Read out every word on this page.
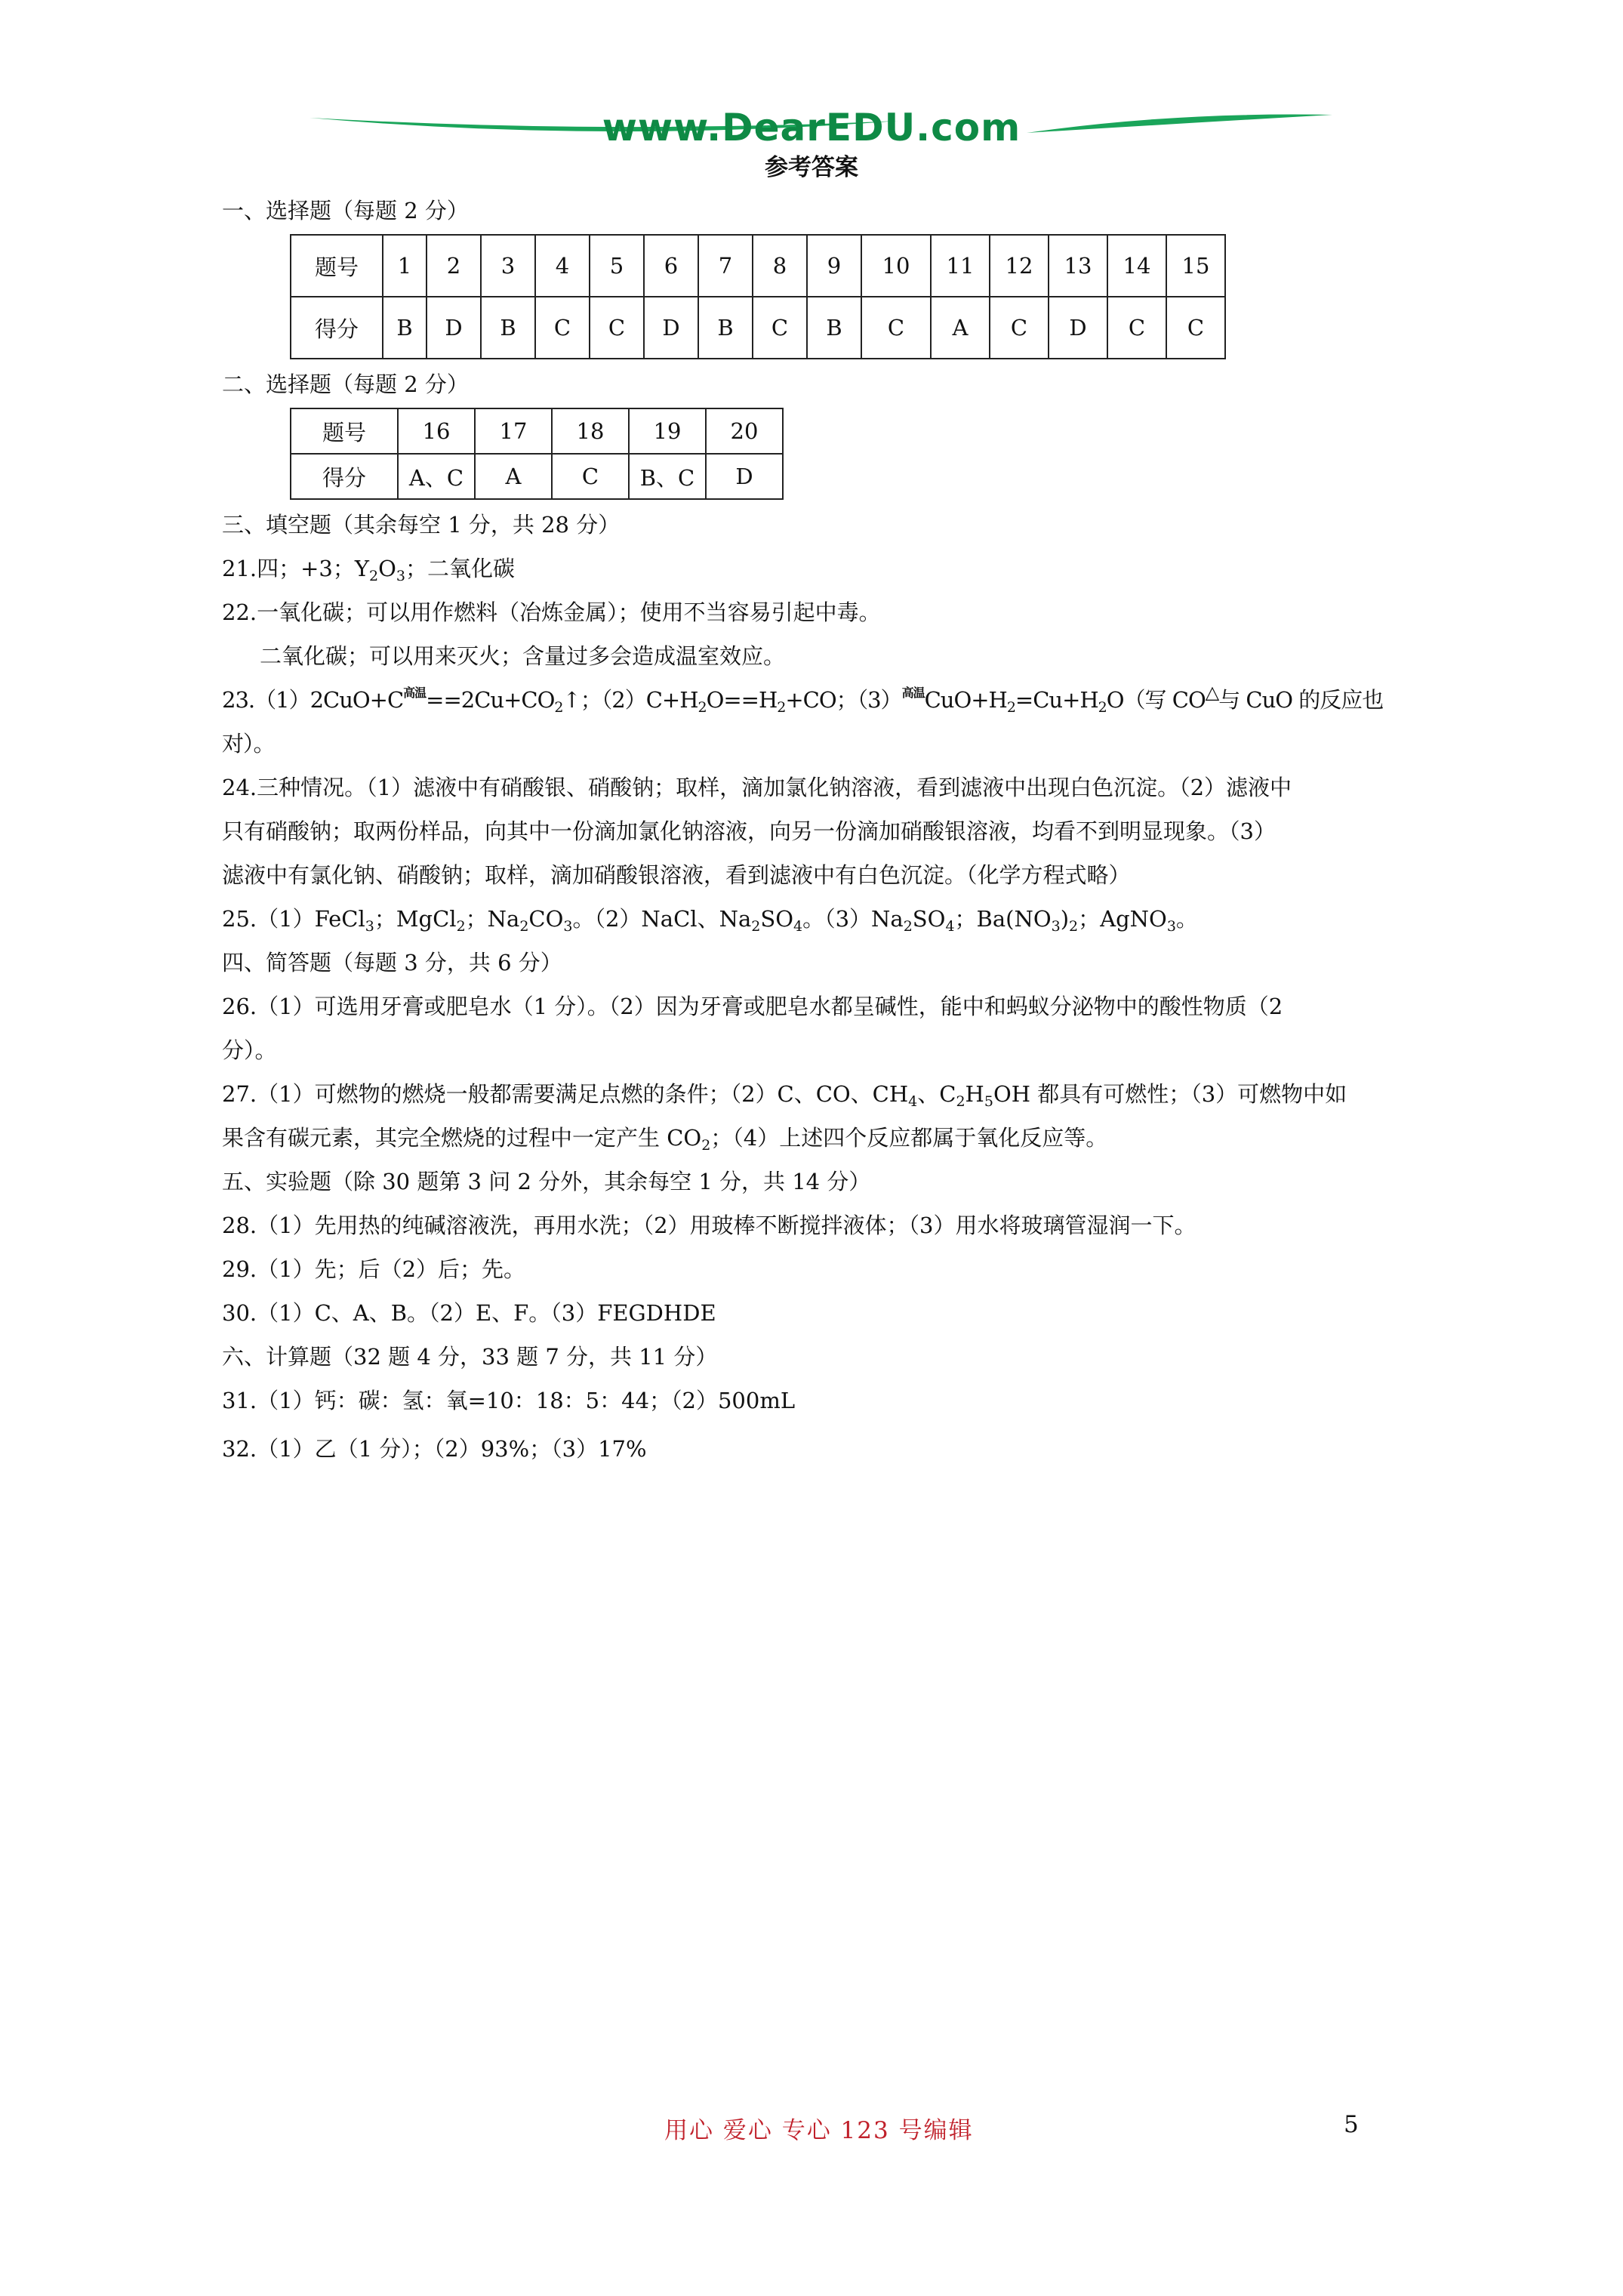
www.DearEDU.com
参考答案
一、选择题（每题 2 分）
题号	1	2	3	4	5	6	7	8	9	10	11	12	13	14	15
得分	B	D	B	C	C	D	B	C	B	C	A	C	D	C	C
二、选择题（每题 2 分）
题号	16	17	18	19	20
得分	A、C	A	C	B、C	D
三、填空题（其余每空 1 分，共 28 分）
21.四；+3；$Y_2O_3$；二氧化碳
22.一氧化碳；可以用作燃料（冶炼金属）；使用不当容易引起中毒。
二氧化碳；可以用来灭火；含量过多会造成温室效应。
$23.(1)2CuO+C^{高温}==2Cu+CO_2↑$；$(2)C+H_2O==H_2+CO$；$(3)^{高温}CuO+H_2=Cu+H_2O$（写 CO△与 CuO 的反应也对）。
24.三种情况。（1）滤液中有硝酸银、硝酸钠；取样，滴加氯化钠溶液，看到滤液中出现白色沉淀。（2）滤液中
只有硝酸钠；取两份样品，向其中一份滴加氯化钠溶液，向另一份滴加硝酸银溶液，均看不到明显现象。（3）
滤液中有氯化钠、硝酸钠；取样，滴加硝酸银溶液，看到滤液中有白色沉淀。（化学方程式略）
25.（1）FeCl$_3$；MgCl$_2$；$Na_2CO_3$。（2）NaCl、$Na_2SO_4$。$(3)Na_2SO_4$；$Ba(NO_3)_2$；AgNO$_3$。
四、简答题（每题 3 分，共 6 分）
26.（1）可选用牙膏或肥皂水（1 分）。（2）因为牙膏或肥皂水都呈碱性，能中和蚂蚁分泌物中的酸性物质（2
分）。
27.（1）可燃物的燃烧一般都需要满足点燃的条件；（2）C、CO、$CH_4$、$C_2H_5OH$ 都具有可燃性；（3）可燃物中如
果含有碳元素，其完全燃烧的过程中一定产生 $CO_2$；（4）上述四个反应都属于氧化反应等。
五、实验题（除 30 题第 3 问 2 分外，其余每空 1 分，共 14 分）
28.（1）先用热的纯碱溶液洗，再用水洗；（2）用玻棒不断搅拌液体；（3）用水将玻璃管湿润一下。
29.（1）先；后（2）后；先。
30.（1）C、A、B。（2）E、F。（3）FEGDHDE
六、计算题（32 题 4 分，33 题 7 分，共 11 分）
31.（1）钙：碳：氢：氧=10：18：5：44；（2）500mL
32.（1）乙（1 分）；（2）93%；（3）17%
用心 爱心 专心 123 号编辑	5
